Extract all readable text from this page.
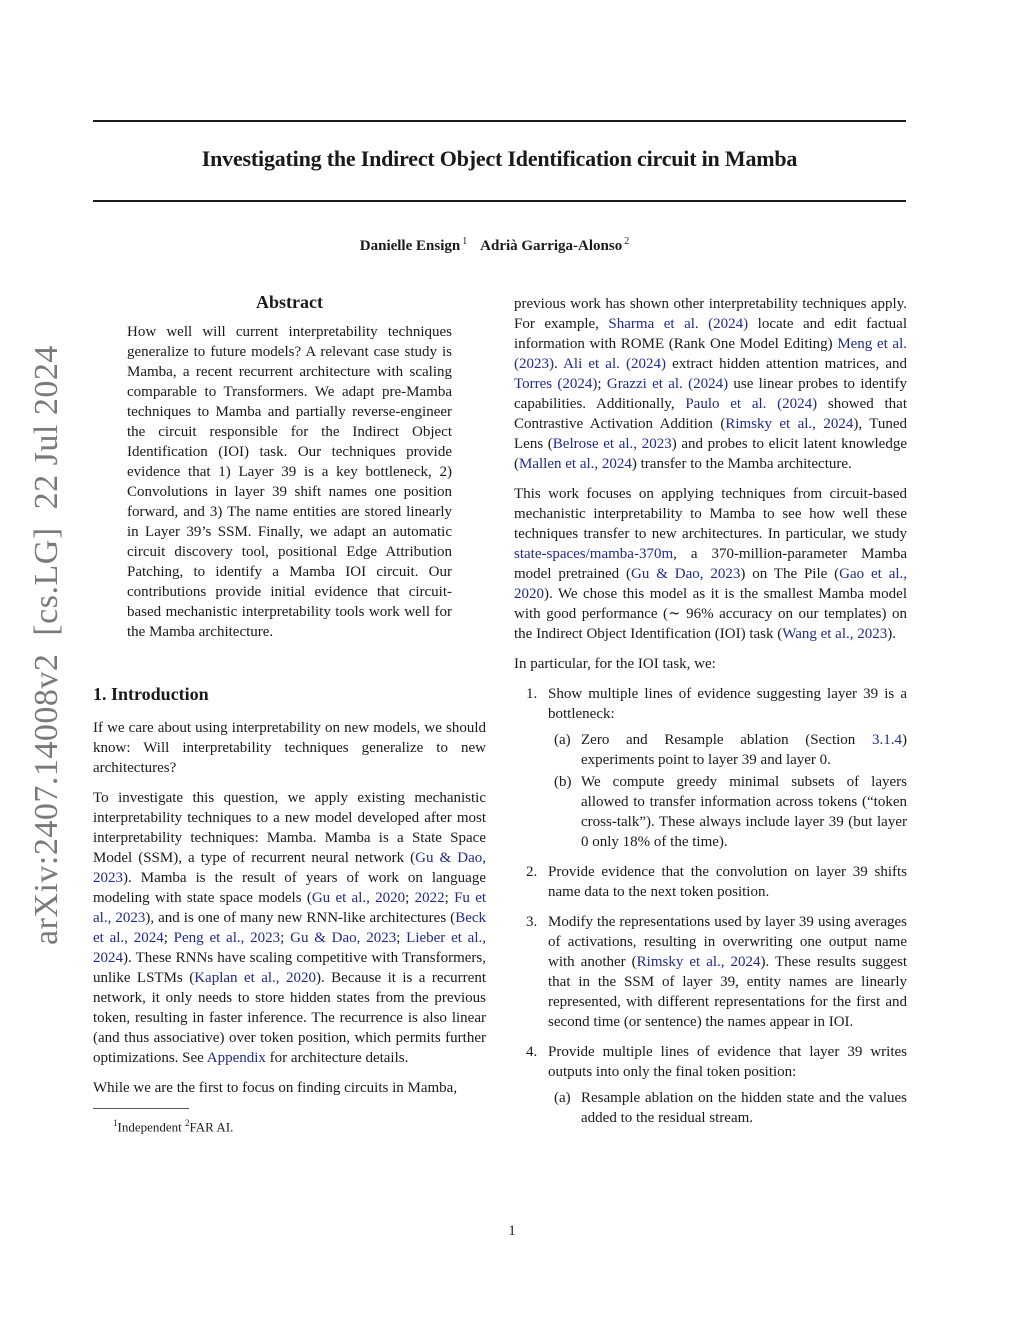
Investigating the Indirect Object Identification circuit in Mamba
Danielle Ensign $^1$ Adrià Garriga-Alonso $^2$
arXiv:2407.14008v2[cs.LG]22 Jul 2024
Abstract

How well will current interpretability techniques generalize to future models? A relevant case study is Mamba, a recent recurrent architecture with scaling comparable to Transformers. We adapt pre-Mamba techniques to Mamba and partially reverse-engineer the circuit responsible for the Indirect Object Identification (IOI) task. Our techniques provide evidence that 1) Layer 39 is a key bottleneck, 2) Convolutions in layer 39 shift names one position forward, and 3) The name entities are stored linearly in Layer 39’s SSM. Finally, we adapt an automatic circuit discovery tool, positional Edge Attribution Patching, to identify a Mamba IOI circuit. Our contributions provide initial evidence that circuit-based mechanistic interpretability tools work well for the Mamba architecture.

1. Introduction

If we care about using interpretability on new models, we should know: Will interpretability techniques generalize to new architectures?

To investigate this question, we apply existing mechanistic interpretability techniques to a new model developed after most interpretability techniques: Mamba. Mamba is a State Space Model (SSM), a type of recurrent neural network (Gu & Dao, 2023). Mamba is the result of years of work on language modeling with state space models (Gu et al., 2020; 2022; Fu et al., 2023), and is one of many new RNN-like architectures (Beck et al., 2024; Peng et al., 2023; Gu & Dao, 2023; Lieber et al., 2024). These RNNs have scaling competitive with Transformers, unlike LSTMs (Kaplan et al., 2020). Because it is a recurrent network, it only needs to store hidden states from the previous token, resulting in faster inference. The recurrence is also linear (and thus associative) over token position, which permits further optimizations. See Appendix for architecture details.

While we are the first to focus on finding circuits in Mamba,

$^1$Independent $^2$FAR AI.

previous work has shown other interpretability techniques apply. For example, Sharma et al. (2024) locate and edit factual information with ROME (Rank One Model Editing) Meng et al. (2023). Ali et al. (2024) extract hidden attention matrices, and Torres (2024); Grazzi et al. (2024) use linear probes to identify capabilities. Additionally, Paulo et al. (2024) showed that Contrastive Activation Addition (Rimsky et al., 2024), Tuned Lens (Belrose et al., 2023) and probes to elicit latent knowledge (Mallen et al., 2024) transfer to the Mamba architecture.

This work focuses on applying techniques from circuit-based mechanistic interpretability to Mamba to see how well these techniques transfer to new architectures. In particular, we study state-spaces/mamba-370m, a 370-million-parameter Mamba model pretrained (Gu & Dao, 2023) on The Pile (Gao et al., 2020). We chose this model as it is the smallest Mamba model with good performance (∼ 96% accuracy on our templates) on the Indirect Object Identification (IOI) task (Wang et al., 2023).

In particular, for the IOI task, we:

1. Show multiple lines of evidence suggesting layer 39 is a bottleneck:
(a) Zero and Resample ablation (Section 3.1.4) experiments point to layer 39 and layer 0.
(b) We compute greedy minimal subsets of layers allowed to transfer information across tokens (“token cross-talk”). These always include layer 39 (but layer 0 only 18% of the time).
2. Provide evidence that the convolution on layer 39 shifts name data to the next token position.
3. Modify the representations used by layer 39 using averages of activations, resulting in overwriting one output name with another (Rimsky et al., 2024). These results suggest that in the SSM of layer 39, entity names are linearly represented, with different representations for the first and second time (or sentence) the names appear in IOI.
4. Provide multiple lines of evidence that layer 39 writes outputs into only the final token position:
(a) Resample ablation on the hidden state and the values added to the residual stream.
1
